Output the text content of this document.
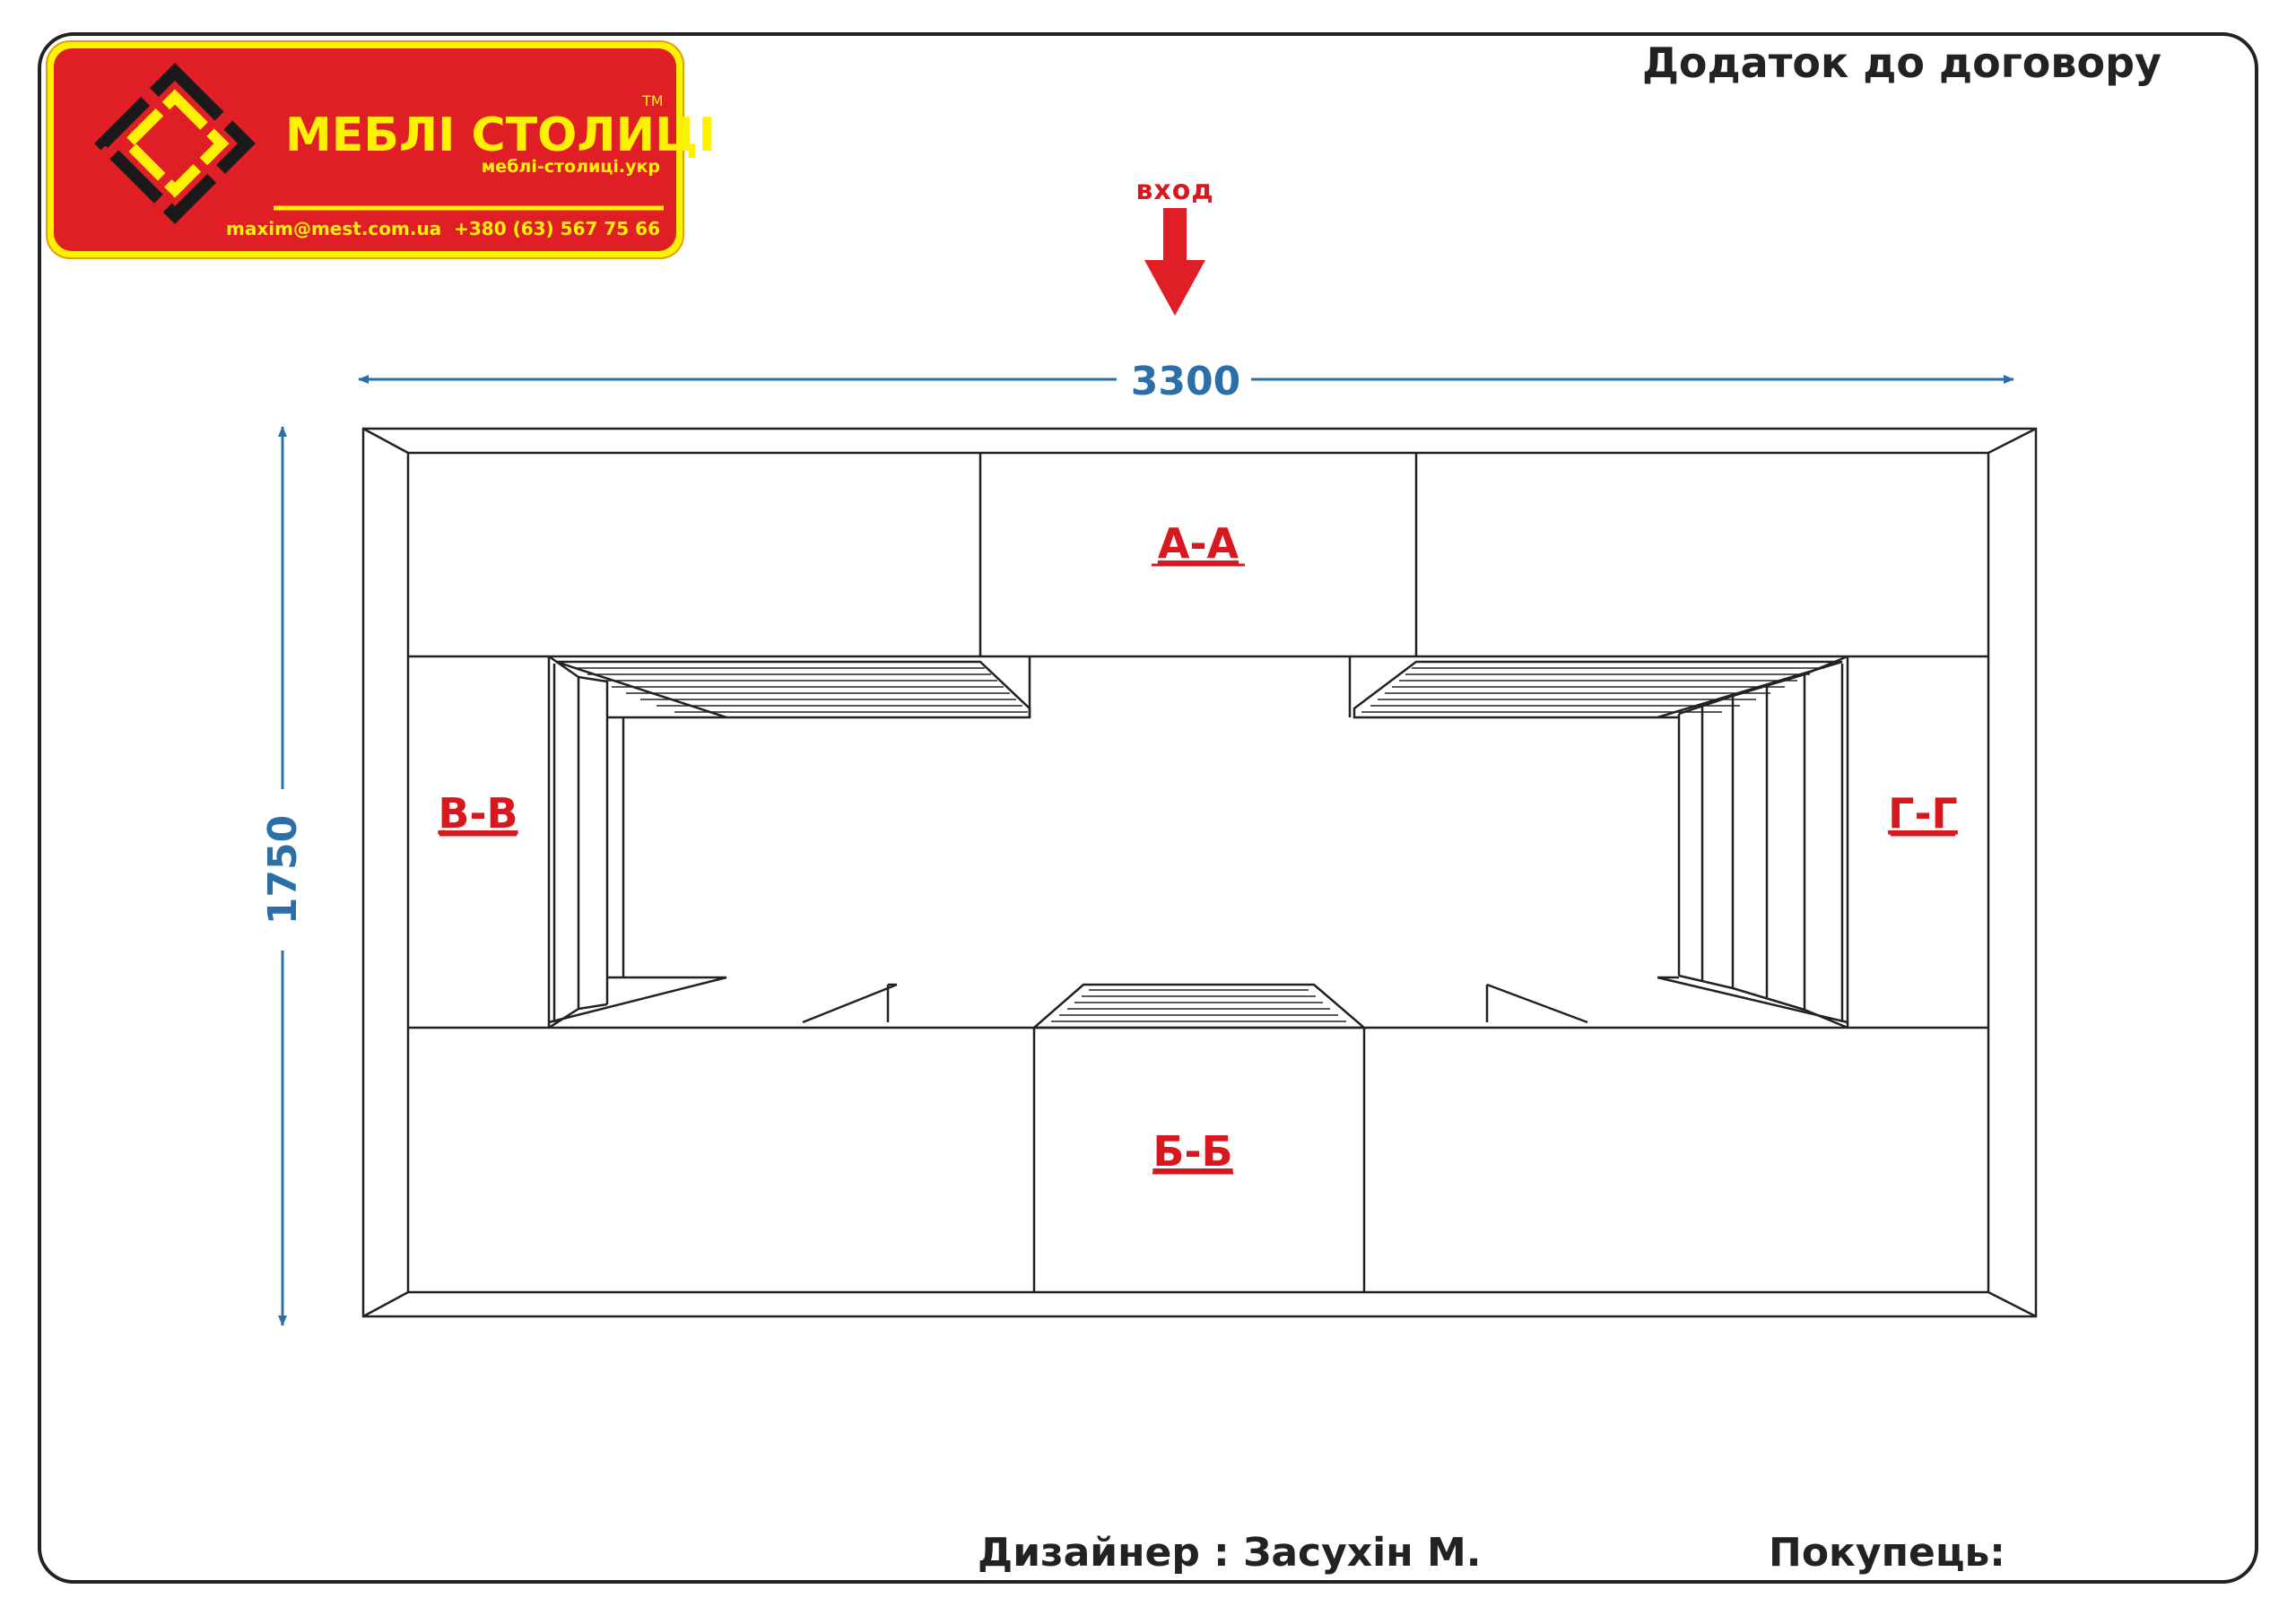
Додаток до договору
МЕБЛІ СТОЛИЦІ
TM
меблі-столиці.укр
maxim@mest.com.ua  +380 (63) 567 75 66
вход
3300
1750
А-А
Б-Б
В-В	Г-Г
Дизайнер : Засухін М.	Покупець:
